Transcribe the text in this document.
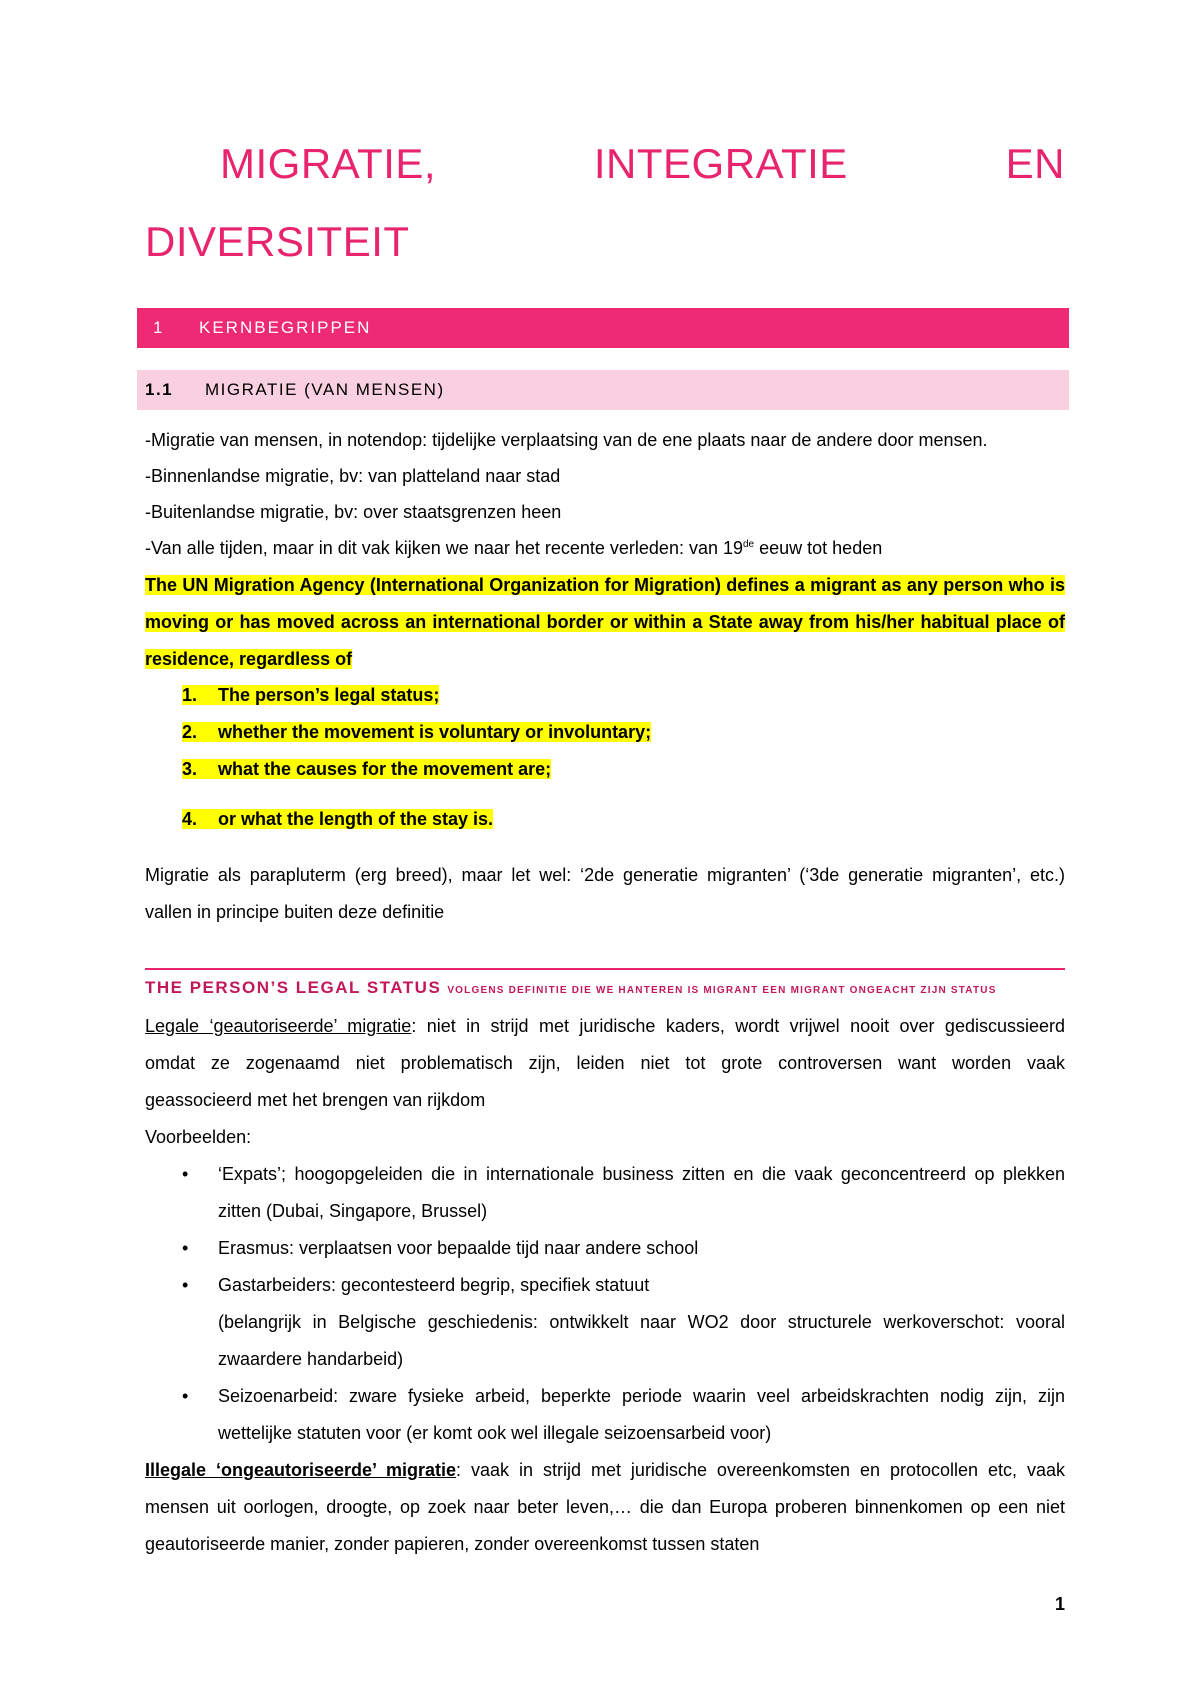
MIGRATIE,	INTEGRATIE	EN
DIVERSITEIT
1	KERNBEGRIPPEN
1.1	MIGRATIE (VAN MENSEN)
-Migratie van mensen, in notendop: tijdelijke verplaatsing van de ene plaats naar de andere door mensen.
-Binnenlandse migratie, bv: van platteland naar stad
-Buitenlandse migratie, bv: over staatsgrenzen heen
-Van alle tijden, maar in dit vak kijken we naar het recente verleden: van 19de eeuw tot heden
The UN Migration Agency (International Organization for Migration) defines a migrant as any person who is
moving or has moved across an international border or within a State away from his/her habitual place of
residence, regardless of
1. The person’s legal status;
2. whether the movement is voluntary or involuntary;
3. what the causes for the movement are;
4. or what the length of the stay is.
Migratie als parapluterm (erg breed), maar let wel: ‘2de generatie migranten’ (‘3de generatie migranten’, etc.)
vallen in principe buiten deze definitie
THE PERSON’S LEGAL STATUS VOLGENS DEFINITIE DIE WE HANTEREN IS MIGRANT EEN MIGRANT ONGEACHT ZIJN STATUS
Legale ‘geautoriseerde’ migratie: niet in strijd met juridische kaders, wordt vrijwel nooit over gediscussieerd
omdat ze zogenaamd niet problematisch zijn, leiden niet tot grote controversen want worden vaak
geassocieerd met het brengen van rijkdom
Voorbeelden:
• ‘Expats’; hoogopgeleiden die in internationale business zitten en die vaak geconcentreerd op plekken
zitten (Dubai, Singapore, Brussel)
• Erasmus: verplaatsen voor bepaalde tijd naar andere school
• Gastarbeiders: gecontesteerd begrip, specifiek statuut
(belangrijk in Belgische geschiedenis: ontwikkelt naar WO2 door structurele werkoverschot: vooral
zwaardere handarbeid)
• Seizoenarbeid: zware fysieke arbeid, beperkte periode waarin veel arbeidskrachten nodig zijn, zijn
wettelijke statuten voor (er komt ook wel illegale seizoensarbeid voor)
Illegale ‘ongeautoriseerde’ migratie: vaak in strijd met juridische overeenkomsten en protocollen etc, vaak
mensen uit oorlogen, droogte, op zoek naar beter leven,… die dan Europa proberen binnenkomen op een niet
geautoriseerde manier, zonder papieren, zonder overeenkomst tussen staten
1
